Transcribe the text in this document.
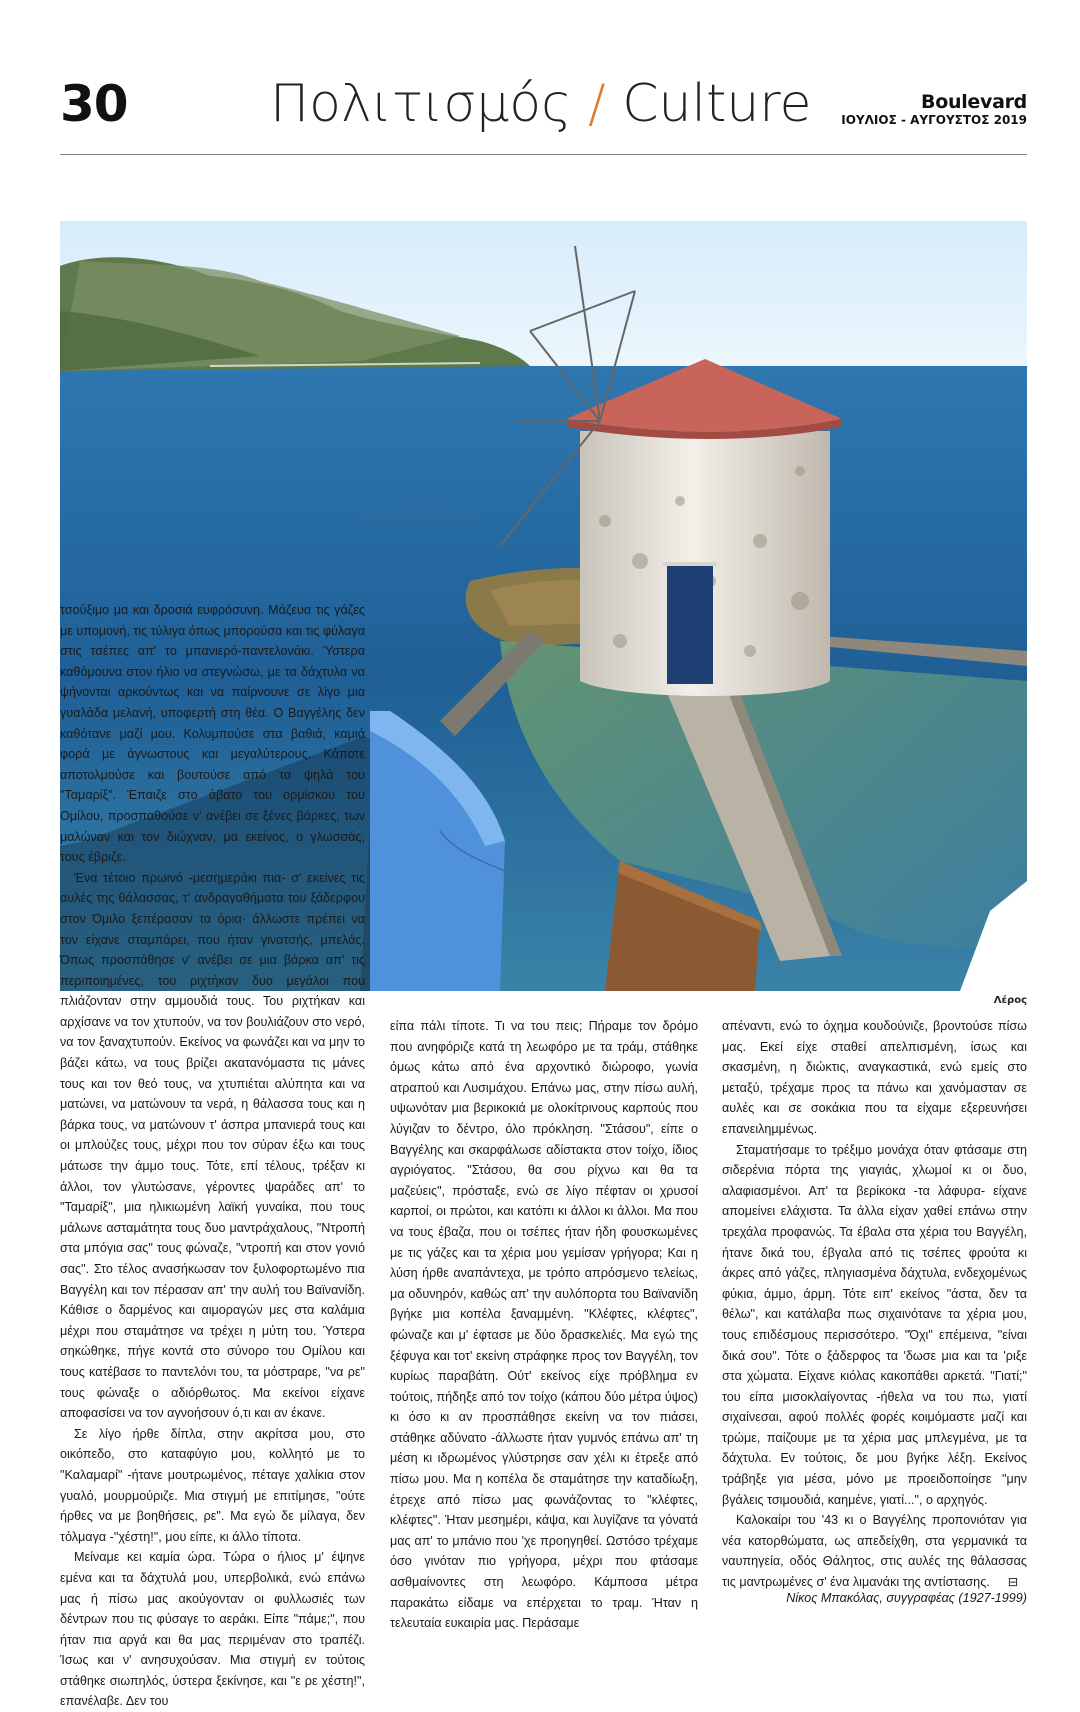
30	Πολιτισμός / Culture	Boulevard
ΙΟΥΛΙΟΣ - ΑΥΓΟΥΣΤΟΣ 2019
Λέρος

τσούξιμο μα και δροσιά ευφρόσυνη. Μάζευα τις γάζες με υπομονή, τις τύλιγα όπως μπορούσα και τις φύλαγα στις τσέπες απ' το μπανιερό-παντελονάκι. Ύστερα καθόμουνα στον ήλιο να στεγνώσω, με τα δάχτυλα να ψήνονται αρκούντως και να παίρνουνε σε λίγο μια γυαλάδα μελανή, υποφερτή στη θέα. Ο Βαγγέλης δεν καθότανε μαζί μου. Κολυμπούσε στα βαθιά, καμιά φορά με άγνωστους και μεγαλύτερους. Κάποτε αποτολμούσε και βουτούσε από τα ψηλά του "Ταμαρίξ". Έπαιζε στο άβατο του ορμίσκου του Ομίλου, προσπαθούσε ν' ανέβει σε ξένες βάρκες, των μαλώναν και τον διώχναν, μα εκείνος, ο γλωσσάς, τους έβριζε.

Ένα τέτοιο πρωινό -μεσημεράκι πια- σ' εκείνες τις αυλές της θάλασσας, τ' ανδραγαθήματα του ξάδερφου στον Όμιλο ξεπέρασαν τα όρια· άλλωστε πρέπει να τον είχανε σταμπάρει, που ήταν γινατσής, μπελάς. Όπως προσπάθησε ν' ανέβει σε μια βάρκα απ' τις περιποιημένες, του ριχτήκαν δυο μεγάλοι που πλιάζονταν στην αμμουδιά τους. Του ριχτήκαν και αρχίσανε να τον χτυπούν, να τον βουλιάζουν στο νερό, να τον ξαναχτυπούν. Εκείνος να φωνάζει και να μην το βάζει κάτω, να τους βρίζει ακατανόμαστα τις μάνες τους και τον θεό τους, να χτυπιέται αλύπητα και να ματώνει, να ματώνουν τα νερά, η θάλασσα τους και η βάρκα τους, να ματώνουν τ' άσπρα μπανιερά τους και οι μπλούζες τους, μέχρι που τον σύραν έξω και τους μάτωσε την άμμο τους. Τότε, επί τέλους, τρέξαν κι άλλοι, τον γλυτώσανε, γέροντες ψαράδες απ' το "Ταμαρίξ", μια ηλικιωμένη λαϊκή γυναίκα, που τους μάλωνε ασταμάτητα τους δυο μαντράχαλους, "Ντροπή στα μπόγια σας" τους φώναζε, "ντροπή και στον γονιό σας". Στο τέλος ανασήκωσαν τον ξυλοφορτωμένο πια Βαγγέλη και τον πέρασαν απ' την αυλή του Βαϊνανίδη. Κάθισε ο δαρμένος και αιμοραγών μες στα καλάμια μέχρι που σταμάτησε να τρέχει η μύτη του. Ύστερα σηκώθηκε, πήγε κοντά στο σύνορο του Ομίλου και τους κατέβασε το παντελόνι του, τα μόστραρε, "να ρε" τους φώναξε ο αδιόρθωτος. Μα εκείνοι είχανε αποφασίσει να τον αγνοήσουν ό,τι και αν έκανε.

Σε λίγο ήρθε δίπλα, στην ακρίτσα μου, στο οικόπεδο, στο καταφύγιο μου, κολλητό με το "Καλαμαρί" -ήτανε μουτρωμένος, πέταγε χαλίκια στον γυαλό, μουρμούριζε. Μια στιγμή με επιτίμησε, "ούτε ήρθες να με βοηθήσεις, ρε". Μα εγώ δε μίλαγα, δεν τόλμαγα -"χέστη!", μου είπε, κι άλλο τίποτα.

Μείναμε κει καμία ώρα. Τώρα ο ήλιος μ' έψηνε εμένα και τα δάχτυλά μου, υπερβολικά, ενώ επάνω μας ή πίσω μας ακούγονταν οι φυλλωσιές των δέντρων που τις φύσαγε το αεράκι. Είπε "πάμε;", που ήταν πια αργά και θα μας περιμέναν στο τραπέζι. Ίσως και ν' ανησυχούσαν. Μια στιγμή εν τούτοις στάθηκε σιωπηλός, ύστερα ξεκίνησε, και "ε ρε χέστη!", επανέλαβε. Δεν του

είπα πάλι τίποτε. Τι να του πεις; Πήραμε τον δρόμο που ανηφόριζε κατά τη λεωφόρο με τα τράμ, στάθηκε όμως κάτω από ένα αρχοντικό διώροφο, γωνία ατραπού και Λυσιμάχου. Επάνω μας, στην πίσω αυλή, υψωνόταν μια βερικοκιά με ολοκίτρινους καρπούς που λύγιζαν το δέντρο, όλο πρόκληση. "Στάσου", είπε ο Βαγγέλης και σκαρφάλωσε αδίστακτα στον τοίχο, ίδιος αγριόγατος. "Στάσου, θα σου ρίχνω και θα τα μαζεύεις", πρόσταξε, ενώ σε λίγο πέφταν οι χρυσοί καρποί, οι πρώτοι, και κατόπι κι άλλοι κι άλλοι. Μα που να τους έβαζα, που οι τσέπες ήταν ήδη φουσκωμένες με τις γάζες και τα χέρια μου γεμίσαν γρήγορα; Και η λύση ήρθε αναπάντεχα, με τρόπο απρόσμενο τελείως, μα οδυνηρόν, καθώς απ' την αυλόπορτα του Βαϊνανίδη βγήκε μια κοπέλα ξαναμμένη. "Κλέφτες, κλέφτες", φώναζε και μ' έφτασε με δύο δρασκελιές. Μα εγώ της ξέφυγα και τοτ' εκείνη στράφηκε προς τον Βαγγέλη, τον κυρίως παραβάτη. Ούτ' εκείνος είχε πρόβλημα εν τούτοις, πήδηξε από τον τοίχο (κάπου δύο μέτρα ύψος) κι όσο κι αν προσπάθησε εκείνη να τον πιάσει, στάθηκε αδύνατο -άλλωστε ήταν γυμνός επάνω απ' τη μέση κι ιδρωμένος γλύστρησε σαν χέλι κι έτρεξε από πίσω μου. Μα η κοπέλα δε σταμάτησε την καταδίωξη, έτρεχε από πίσω μας φωνάζοντας το "κλέφτες, κλέφτες". Ήταν μεσημέρι, κάψα, και λυγίζανε τα γόνατά μας απ' το μπάνιο που 'χε προηγηθεί. Ωστόσο τρέχαμε όσο γινόταν πιο γρήγορα, μέχρι που φτάσαμε ασθμαίνοντες στη λεωφόρο. Κάμποσα μέτρα παρακάτω είδαμε να επέρχεται το τραμ. Ήταν η τελευταία ευκαιρία μας. Περάσαμε

απέναντι, ενώ το όχημα κουδούνιζε, βροντούσε πίσω μας. Εκεί είχε σταθεί απελπισμένη, ίσως και σκασμένη, η διώκτις, αναγκαστικά, ενώ εμείς στο μεταξύ, τρέχαμε προς τα πάνω και χανόμασταν σε αυλές και σε σοκάκια που τα είχαμε εξερευνήσει επανειλημμένως.

Σταματήσαμε το τρέξιμο μονάχα όταν φτάσαμε στη σιδερένια πόρτα της γιαγιάς, χλωμοί κι οι δυο, αλαφιασμένοι. Απ' τα βερίκοκα -τα λάφυρα- είχανε απομείνει ελάχιστα. Τα άλλα είχαν χαθεί επάνω στην τρεχάλα προφανώς. Τα έβαλα στα χέρια του Βαγγέλη, ήτανε δικά του, έβγαλα από τις τσέπες φρούτα κι άκρες από γάζες, πληγιασμένα δάχτυλα, ενδεχομένως φύκια, άμμο, άρμη. Τότε ειπ' εκείνος "άστα, δεν τα θέλω", και κατάλαβα πως σιχαινότανε τα χέρια μου, τους επιδέσμους περισσότερο. "Όχι" επέμεινα, "είναι δικά σου". Τότε ο ξάδερφος τα 'δωσε μια και τα 'ριξε στα χώματα. Είχανε κιόλας κακοπάθει αρκετά. "Γιατί;" του είπα μισοκλαίγοντας -ήθελα να του πω, γιατί σιχαίνεσαι, αφού πολλές φορές κοιμόμαστε μαζί και τρώμε, παίζουμε με τα χέρια μας μπλεγμένα, με τα δάχτυλα. Εν τούτοις, δε μου βγήκε λέξη. Εκείνος τράβηξε για μέσα, μόνο με προειδοποίησε "μην βγάλεις τσιμουδιά, καημένε, γιατί...", ο αρχηγός.

Καλοκαίρι του '43 κι ο Βαγγέλης προπονιόταν για νέα κατορθώματα, ως απεδείχθη, στα γερμανικά τα ναυπηγεία, οδός Θάλητος, στις αυλές της θάλασσας τις μαντρωμένες σ' ένα λιμανάκι της αντίστασης. ⊟

Νίκος Μπακόλας, συγγραφέας (1927-1999)
